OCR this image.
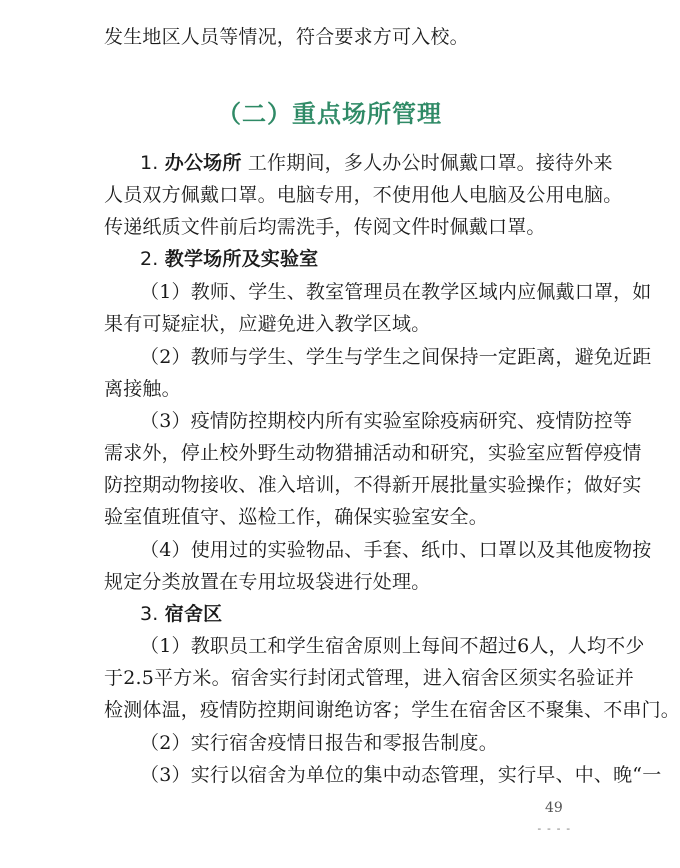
发生地区人员等情况，符合要求方可入校。
（二）重点场所管理
1. 办公场所 工作期间，多人办公时佩戴口罩。接待外来
人员双方佩戴口罩。电脑专用，不使用他人电脑及公用电脑。
传递纸质文件前后均需洗手，传阅文件时佩戴口罩。
2. 教学场所及实验室
（1）教师、学生、教室管理员在教学区域内应佩戴口罩，如
果有可疑症状，应避免进入教学区域。
（2）教师与学生、学生与学生之间保持一定距离，避免近距
离接触。
（3）疫情防控期校内所有实验室除疫病研究、疫情防控等
需求外，停止校外野生动物猎捕活动和研究，实验室应暂停疫情
防控期动物接收、准入培训，不得新开展批量实验操作；做好实
验室值班值守、巡检工作，确保实验室安全。
（4）使用过的实验物品、手套、纸巾、口罩以及其他废物按
规定分类放置在专用垃圾袋进行处理。
3. 宿舍区
（1）教职员工和学生宿舍原则上每间不超过6人，人均不少
于2.5平方米。宿舍实行封闭式管理，进入宿舍区须实名验证并
检测体温，疫情防控期间谢绝访客；学生在宿舍区不聚集、不串门。
（2）实行宿舍疫情日报告和零报告制度。
（3）实行以宿舍为单位的集中动态管理，实行早、中、晚“一
49
----
